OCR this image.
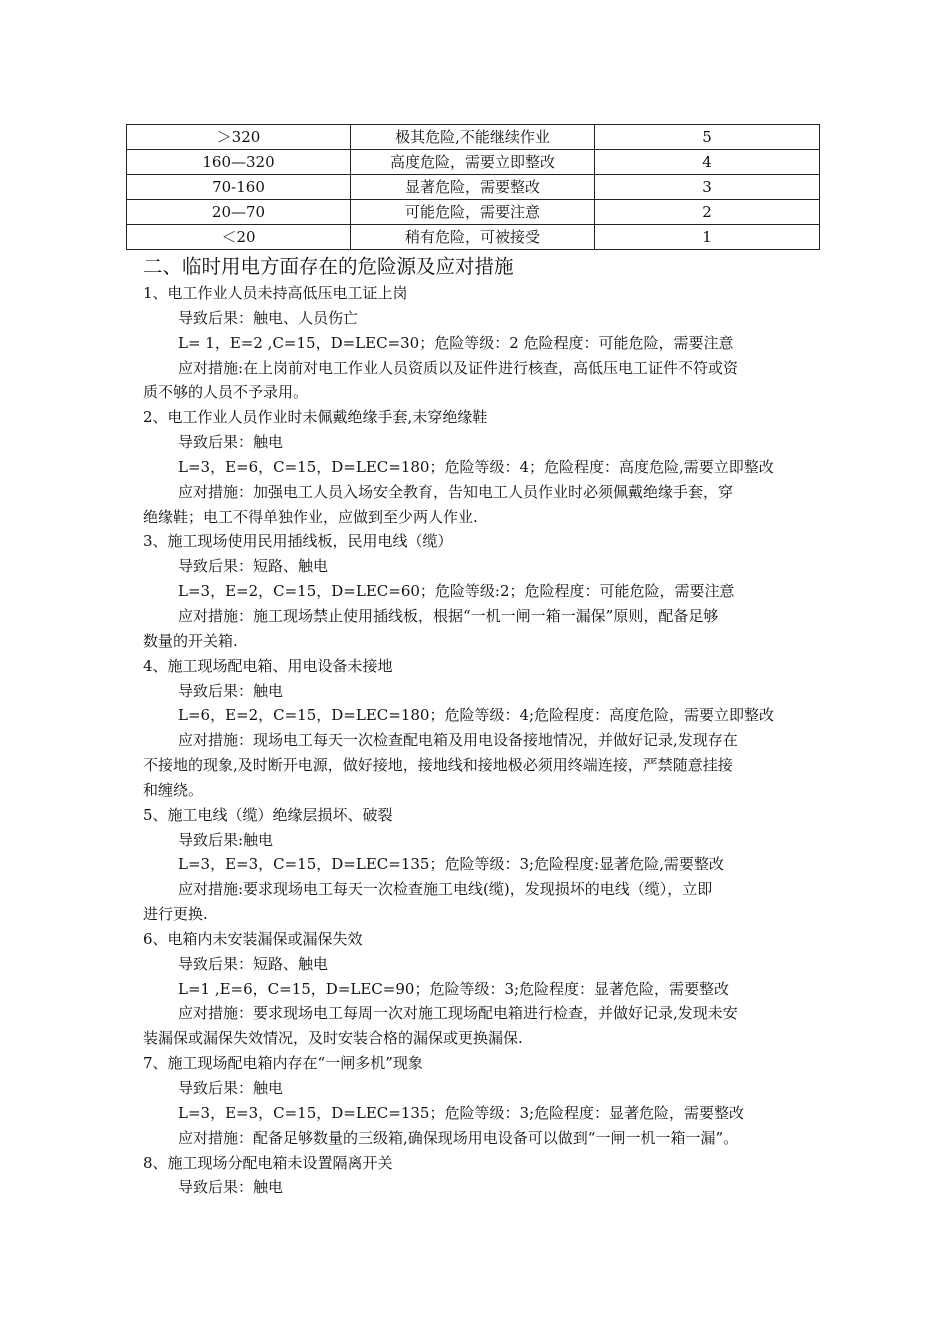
＞320	极其危险,不能继续作业	5
160—320	高度危险，需要立即整改	4
70-160	显著危险，需要整改	3
20—70	可能危险，需要注意	2
＜20	稍有危险，可被接受	1
二、临时用电方面存在的危险源及应对措施
1、电工作业人员未持高低压电工证上岗
导致后果：触电、人员伤亡
L= 1，E=2 ,C=15，D=LEC=30；危险等级：2 危险程度：可能危险，需要注意
应对措施:在上岗前对电工作业人员资质以及证件进行核查，高低压电工证件不符或资
质不够的人员不予录用。
2、电工作业人员作业时未佩戴绝缘手套,未穿绝缘鞋
导致后果：触电
L=3，E=6，C=15，D=LEC=180；危险等级：4；危险程度：高度危险,需要立即整改
应对措施：加强电工人员入场安全教育，告知电工人员作业时必须佩戴绝缘手套，穿
绝缘鞋；电工不得单独作业，应做到至少两人作业.
3、施工现场使用民用插线板，民用电线（缆）
导致后果：短路、触电
L=3，E=2，C=15，D=LEC=60；危险等级:2；危险程度：可能危险，需要注意
应对措施：施工现场禁止使用插线板，根据“一机一闸一箱一漏保”原则，配备足够
数量的开关箱.
4、施工现场配电箱、用电设备未接地
导致后果：触电
L=6，E=2，C=15，D=LEC=180；危险等级：4;危险程度：高度危险，需要立即整改
应对措施：现场电工每天一次检查配电箱及用电设备接地情况，并做好记录,发现存在
不接地的现象,及时断开电源，做好接地，接地线和接地极必须用终端连接，严禁随意挂接
和缠绕。
5、施工电线（缆）绝缘层损坏、破裂
导致后果:触电
L=3，E=3，C=15，D=LEC=135；危险等级：3;危险程度:显著危险,需要整改
应对措施:要求现场电工每天一次检查施工电线(缆)，发现损坏的电线（缆），立即
进行更换.
6、电箱内未安装漏保或漏保失效
导致后果：短路、触电
L=1 ,E=6，C=15，D=LEC=90；危险等级：3;危险程度：显著危险，需要整改
应对措施：要求现场电工每周一次对施工现场配电箱进行检查，并做好记录,发现未安
装漏保或漏保失效情况，及时安装合格的漏保或更换漏保.
7、施工现场配电箱内存在“一闸多机”现象
导致后果：触电
L=3，E=3，C=15，D=LEC=135；危险等级：3;危险程度：显著危险，需要整改
应对措施：配备足够数量的三级箱,确保现场用电设备可以做到“一闸一机一箱一漏”。
8、施工现场分配电箱未设置隔离开关
导致后果：触电
